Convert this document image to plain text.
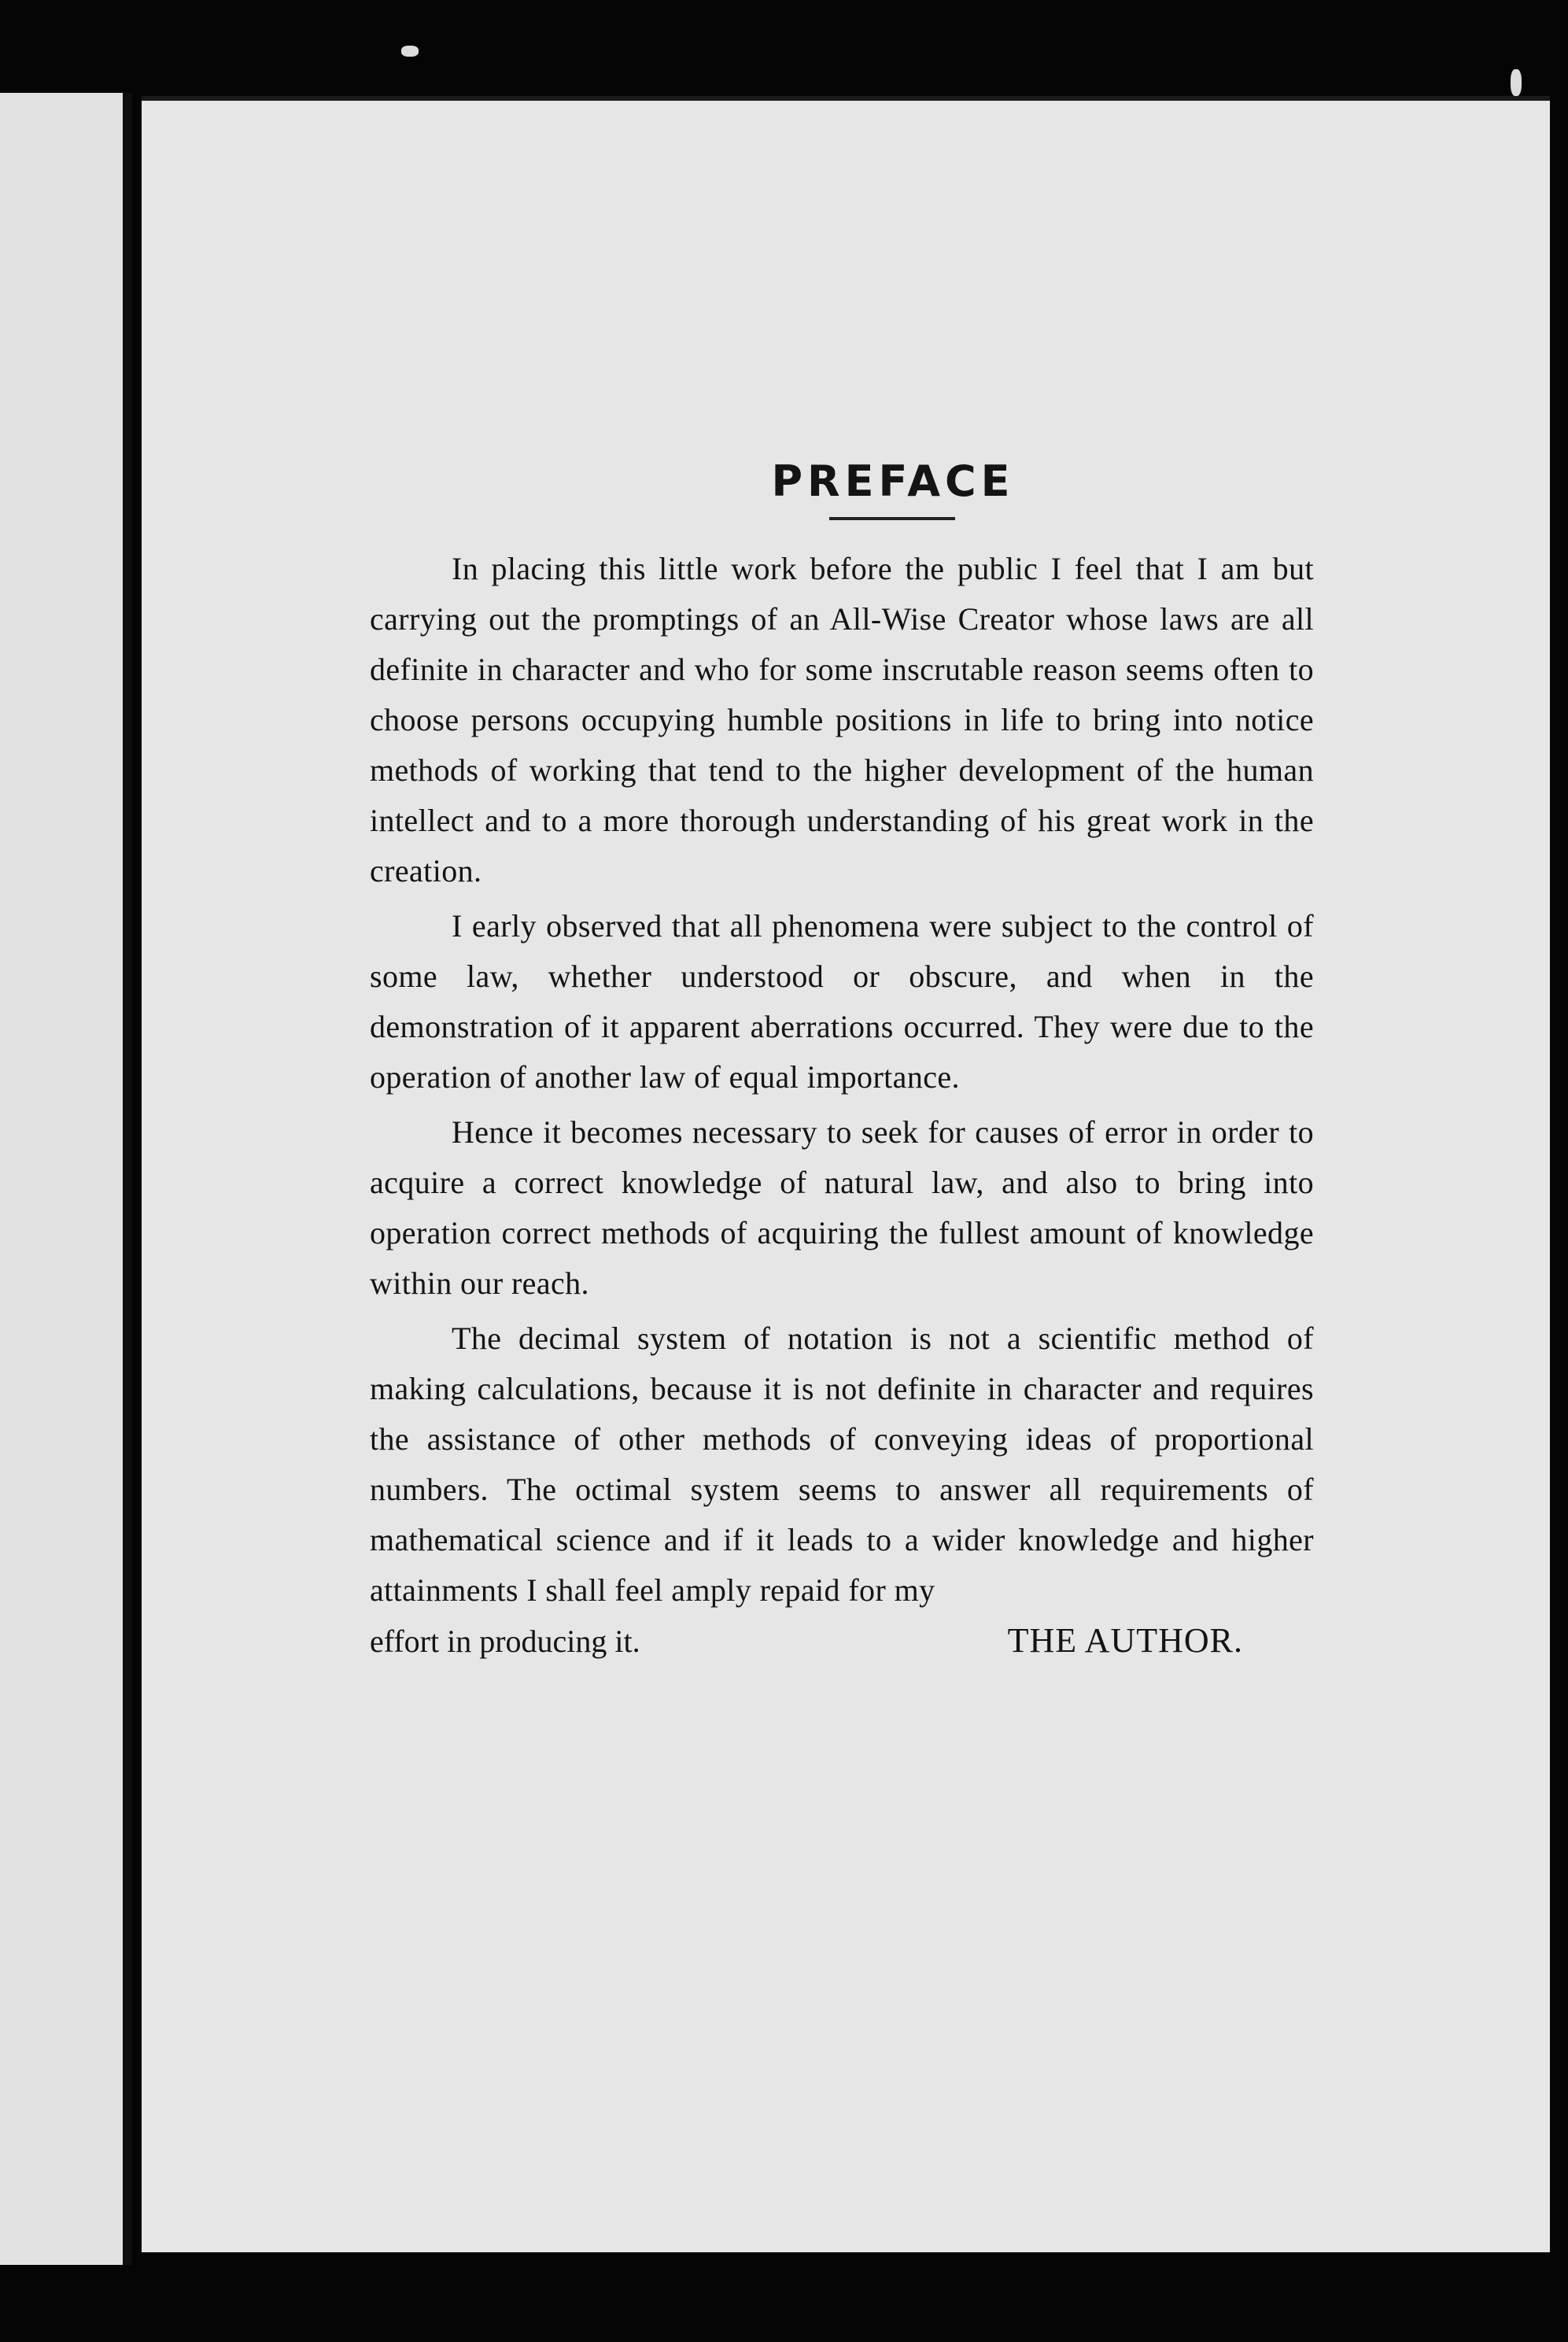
PREFACE

In placing this little work before the public I feel that I am but carrying out the promptings of an All-Wise Creator whose laws are all definite in character and who for some inscrutable reason seems often to choose persons occupying humble positions in life to bring into notice methods of working that tend to the higher development of the human intellect and to a more thorough understanding of his great work in the creation.

I early observed that all phenomena were subject to the control of some law, whether understood or obscure, and when in the demonstration of it apparent aberrations occurred. They were due to the operation of another law of equal importance.

Hence it becomes necessary to seek for causes of error in order to acquire a correct knowledge of natural law, and also to bring into operation correct methods of acquiring the fullest amount of knowledge within our reach.

The decimal system of notation is not a scientific method of making calculations, because it is not definite in character and requires the assistance of other methods of conveying ideas of proportional numbers. The octimal system seems to answer all requirements of mathematical science and if it leads to a wider knowledge and higher attainments I shall feel amply repaid for my

effort in producing it.	THE AUTHOR.
